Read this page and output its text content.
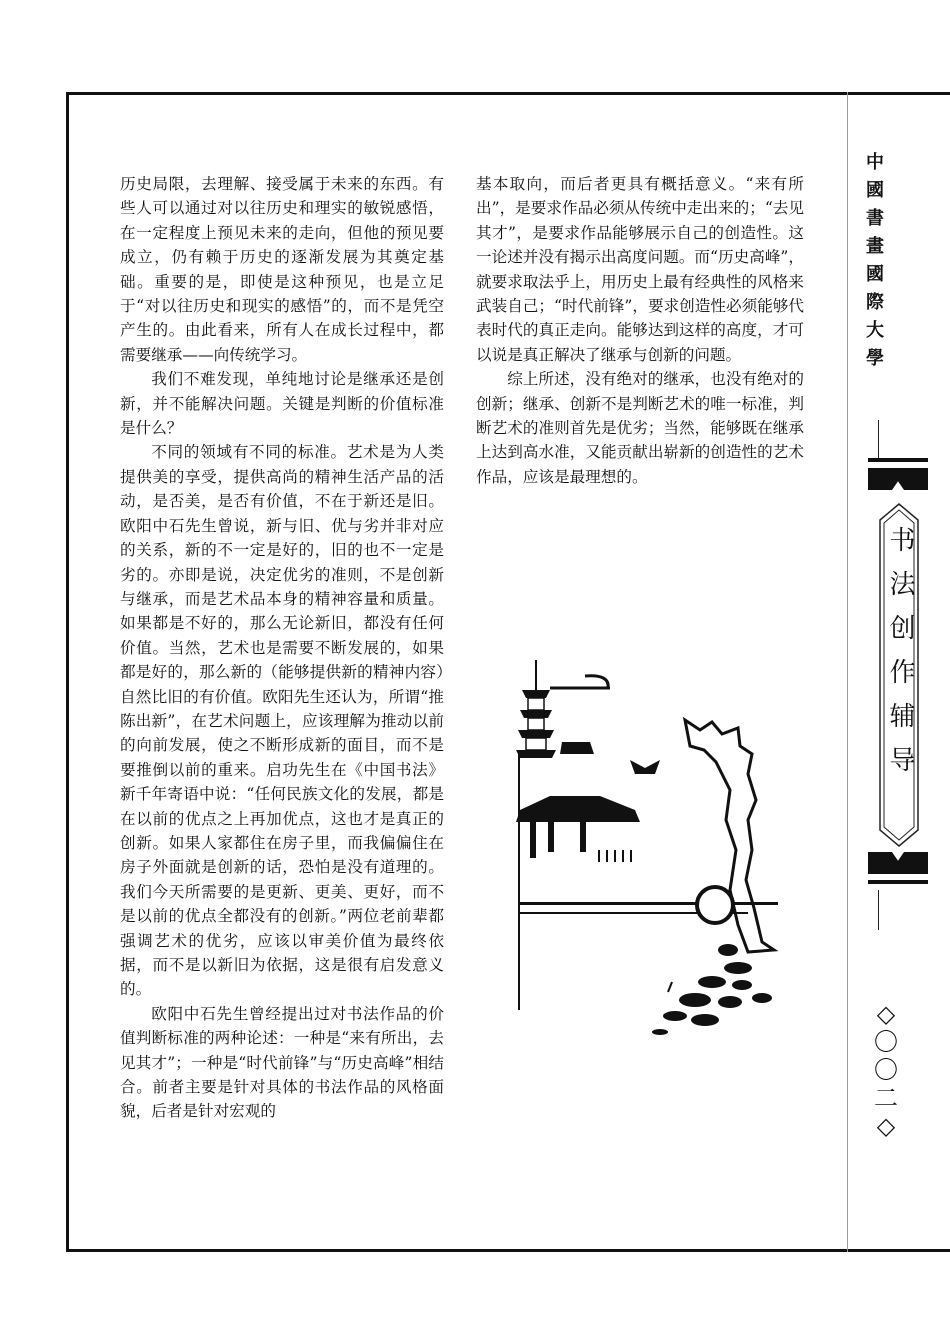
历史局限，去理解、接受属于未来的东西。有些人可以通过对以往历史和理实的敏锐感悟，在一定程度上预见未来的走向，但他的预见要成立，仍有赖于历史的逐渐发展为其奠定基础。重要的是，即使是这种预见，也是立足于“对以往历史和现实的感悟”的，而不是凭空产生的。由此看来，所有人在成长过程中，都需要继承——向传统学习。

我们不难发现，单纯地讨论是继承还是创新，并不能解决问题。关键是判断的价值标准是什么？

不同的领域有不同的标准。艺术是为人类提供美的享受，提供高尚的精神生活产品的活动，是否美，是否有价值，不在于新还是旧。欧阳中石先生曾说，新与旧、优与劣并非对应的关系，新的不一定是好的，旧的也不一定是劣的。亦即是说，决定优劣的准则，不是创新与继承，而是艺术品本身的精神容量和质量。如果都是不好的，那么无论新旧，都没有任何价值。当然，艺术也是需要不断发展的，如果都是好的，那么新的（能够提供新的精神内容）自然比旧的有价值。欧阳先生还认为，所谓“推陈出新”，在艺术问题上，应该理解为推动以前的向前发展，使之不断形成新的面目，而不是要推倒以前的重来。启功先生在《中国书法》新千年寄语中说：“任何民族文化的发展，都是在以前的优点之上再加优点，这也才是真正的创新。如果人家都住在房子里，而我偏偏住在房子外面就是创新的话，恐怕是没有道理的。我们今天所需要的是更新、更美、更好，而不是以前的优点全都没有的创新。”两位老前辈都强调艺术的优劣，应该以审美价值为最终依据，而不是以新旧为依据，这是很有启发意义的。

欧阳中石先生曾经提出过对书法作品的价值判断标准的两种论述：一种是“来有所出，去见其才”；一种是“时代前锋”与“历史高峰”相结合。前者主要是针对具体的书法作品的风格面貌，后者是针对宏观的

基本取向，而后者更具有概括意义。“来有所出”，是要求作品必须从传统中走出来的；“去见其才”，是要求作品能够展示自己的创造性。这一论述并没有揭示出高度问题。而“历史高峰”，就要求取法乎上，用历史上最有经典性的风格来武装自己；“时代前锋”，要求创造性必须能够代表时代的真正走向。能够达到这样的高度，才可以说是真正解决了继承与创新的问题。

综上所述，没有绝对的继承，也没有绝对的创新；继承、创新不是判断艺术的唯一标准，判断艺术的准则首先是优劣；当然，能够既在继承上达到高水准，又能贡献出崭新的创造性的艺术作品，应该是最理想的。

中國書畫國際大學
书法创作辅导
◇
〇
〇
二
◇
